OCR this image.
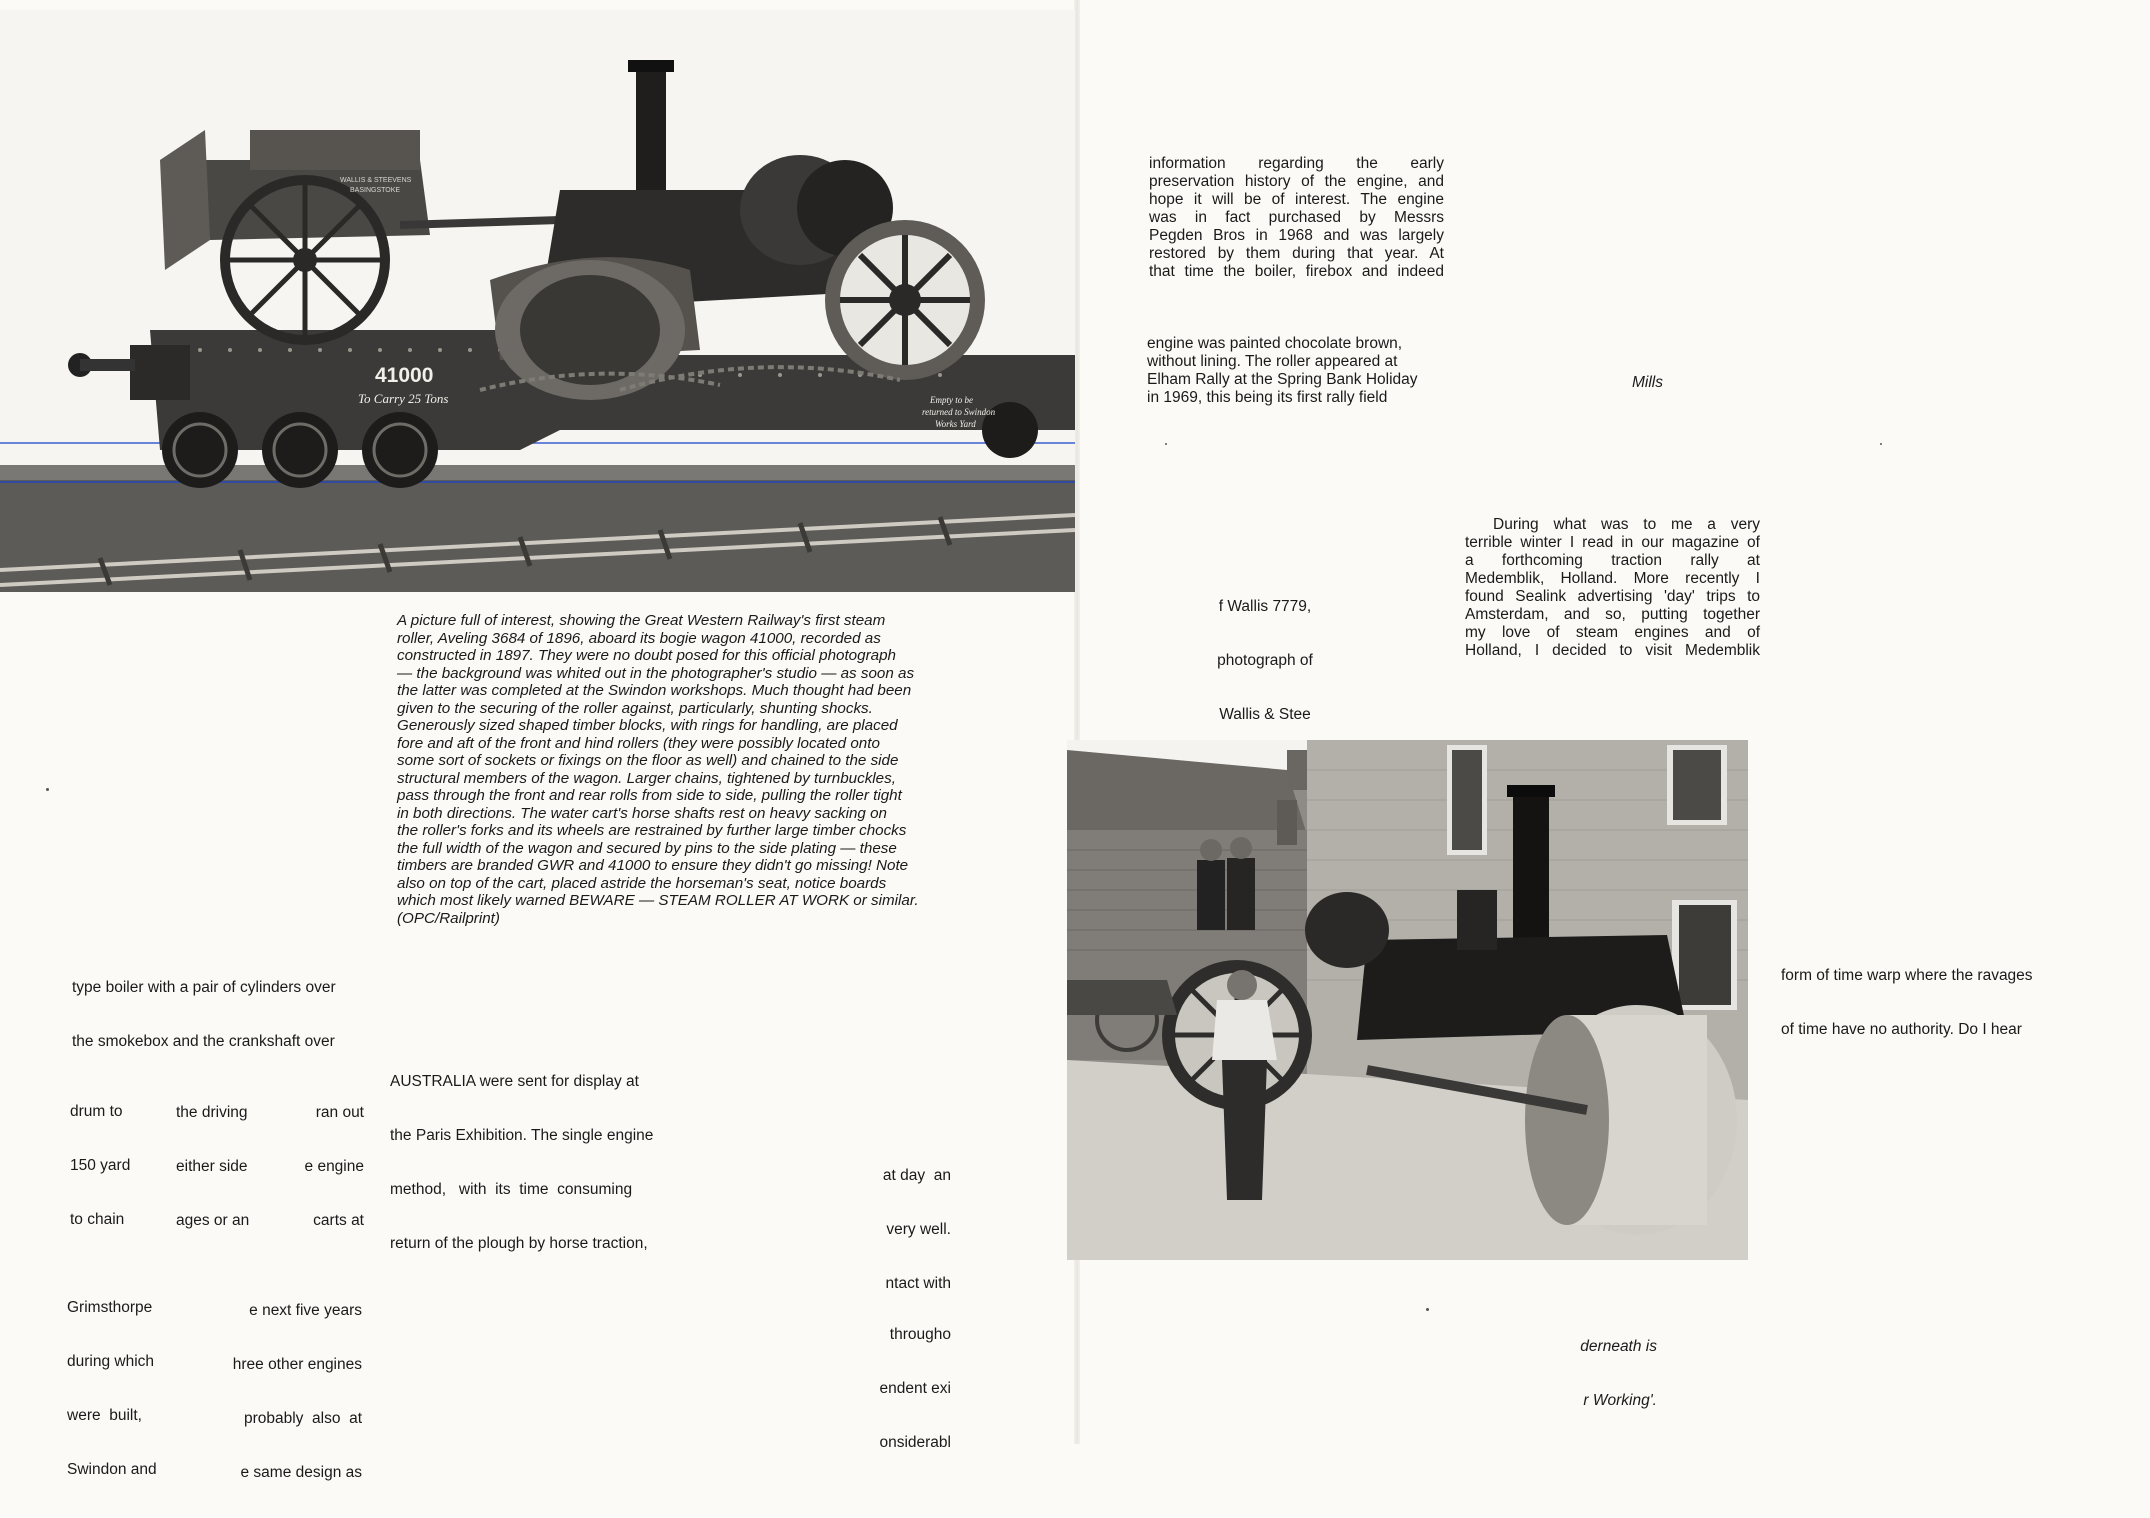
41000
To Carry 25 Tons	Empty to be
returned to Swindon
Works Yard
WALLIS & STEEVENS
BASINGSTOKE
A picture full of interest, showing the Great Western Railway's first steam
roller, Aveling 3684 of 1896, aboard its bogie wagon 41000, recorded as
constructed in 1897. They were no doubt posed for this official photograph
— the background was whited out in the photographer's studio — as soon as
the latter was completed at the Swindon workshops. Much thought had been
given to the securing of the roller against, particularly, shunting shocks.
Generously sized shaped timber blocks, with rings for handling, are placed
fore and aft of the front and hind rollers (they were possibly located onto
some sort of sockets or fixings on the floor as well) and chained to the side
structural members of the wagon. Larger chains, tightened by turnbuckles,
pass through the front and rear rolls from side to side, pulling the roller tight
in both directions. The water cart's horse shafts rest on heavy sacking on
the roller's forks and its wheels are restrained by further large timber chocks
the full width of the wagon and secured by pins to the side plating — these
timbers are branded GWR and 41000 to ensure they didn't go missing! Note
also on top of the cart, placed astride the horseman's seat, notice boards
which most likely warned BEWARE — STEAM ROLLER AT WORK or similar.
(OPC/Railprint)

type boiler with a pair of cylinders over

the smokebox and the crankshaft over

AUSTRALIA were sent for display at

the Paris Exhibition. The single engine

method,   with  its  time  consuming

return of the plough by horse traction,

drum to

150 yard

to chain

the driving

either side

ages or an

ran out

e engine

carts at

at day  an

very well.

ntact with

Grimsthorpe

during which

were  built,

Swindon and

e next five years

hree other engines

probably  also  at

e same design as

througho

endent exi

onsiderabl

information regarding the early

preservation history of the engine, and

hope it will be of interest. The engine

was in fact purchased by Messrs

Pegden Bros in 1968 and was largely

restored by them during that year. At

that time the boiler, firebox and indeed

engine was painted chocolate brown,

without lining. The roller appeared at

Elham Rally at the Spring Bank Holiday

in 1969, this being its first rally field

Mills

f Wallis 7779,

photograph of

Wallis & Stee

During what was to me a very

terrible winter I read in our magazine of

a forthcoming traction rally at

Medemblik, Holland. More recently I

found Sealink advertising 'day' trips to

Amsterdam, and so, putting together

my love of steam engines and of

Holland, I decided to visit Medemblik

form of time warp where the ravages

of time have no authority. Do I hear

derneath is

r Working'.
